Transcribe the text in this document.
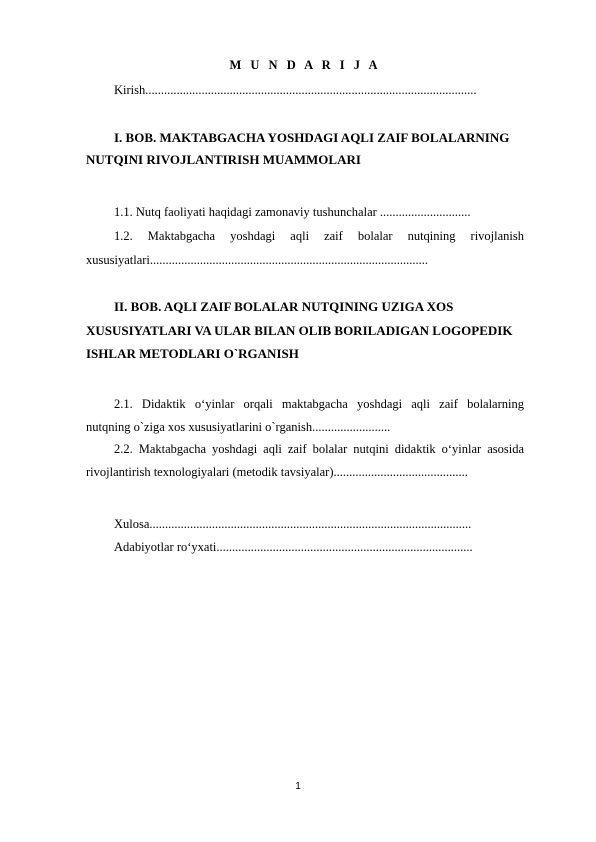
M U N D A R I J A
Kirish..........................................................................................................
I. BOB. MAKTABGACHA YOSHDAGI AQLI ZAIF BOLALARNING
NUTQINI RIVOJLANTIRISH MUAMMOLARI
1.1. Nutq faoliyati haqidagi zamonaviy tushunchalar .............................
1.2. Maktabgacha yoshdagi aqli zaif bolalar nutqining rivojlanish
xususiyatlari.........................................................................................
II. BOB. AQLI ZAIF BOLALAR NUTQINING UZIGA XOS
XUSUSIYATLARI VA ULAR BILAN OLIB BORILADIGAN LOGOPEDIK
ISHLAR METODLARI O`RGANISH
2.1. Didaktik o‘yinlar orqali maktabgacha yoshdagi aqli zaif bolalarning
nutqning o`ziga xos xususiyatlarini o`rganish.........................
2.2. Maktabgacha yoshdagi aqli zaif bolalar nutqini didaktik o‘yinlar asosida
rivojlantirish texnologiyalari (metodik tavsiyalar)...........................................
Xulosa.......................................................................................................
Adabiyotlar ro‘yxati..................................................................................
1
